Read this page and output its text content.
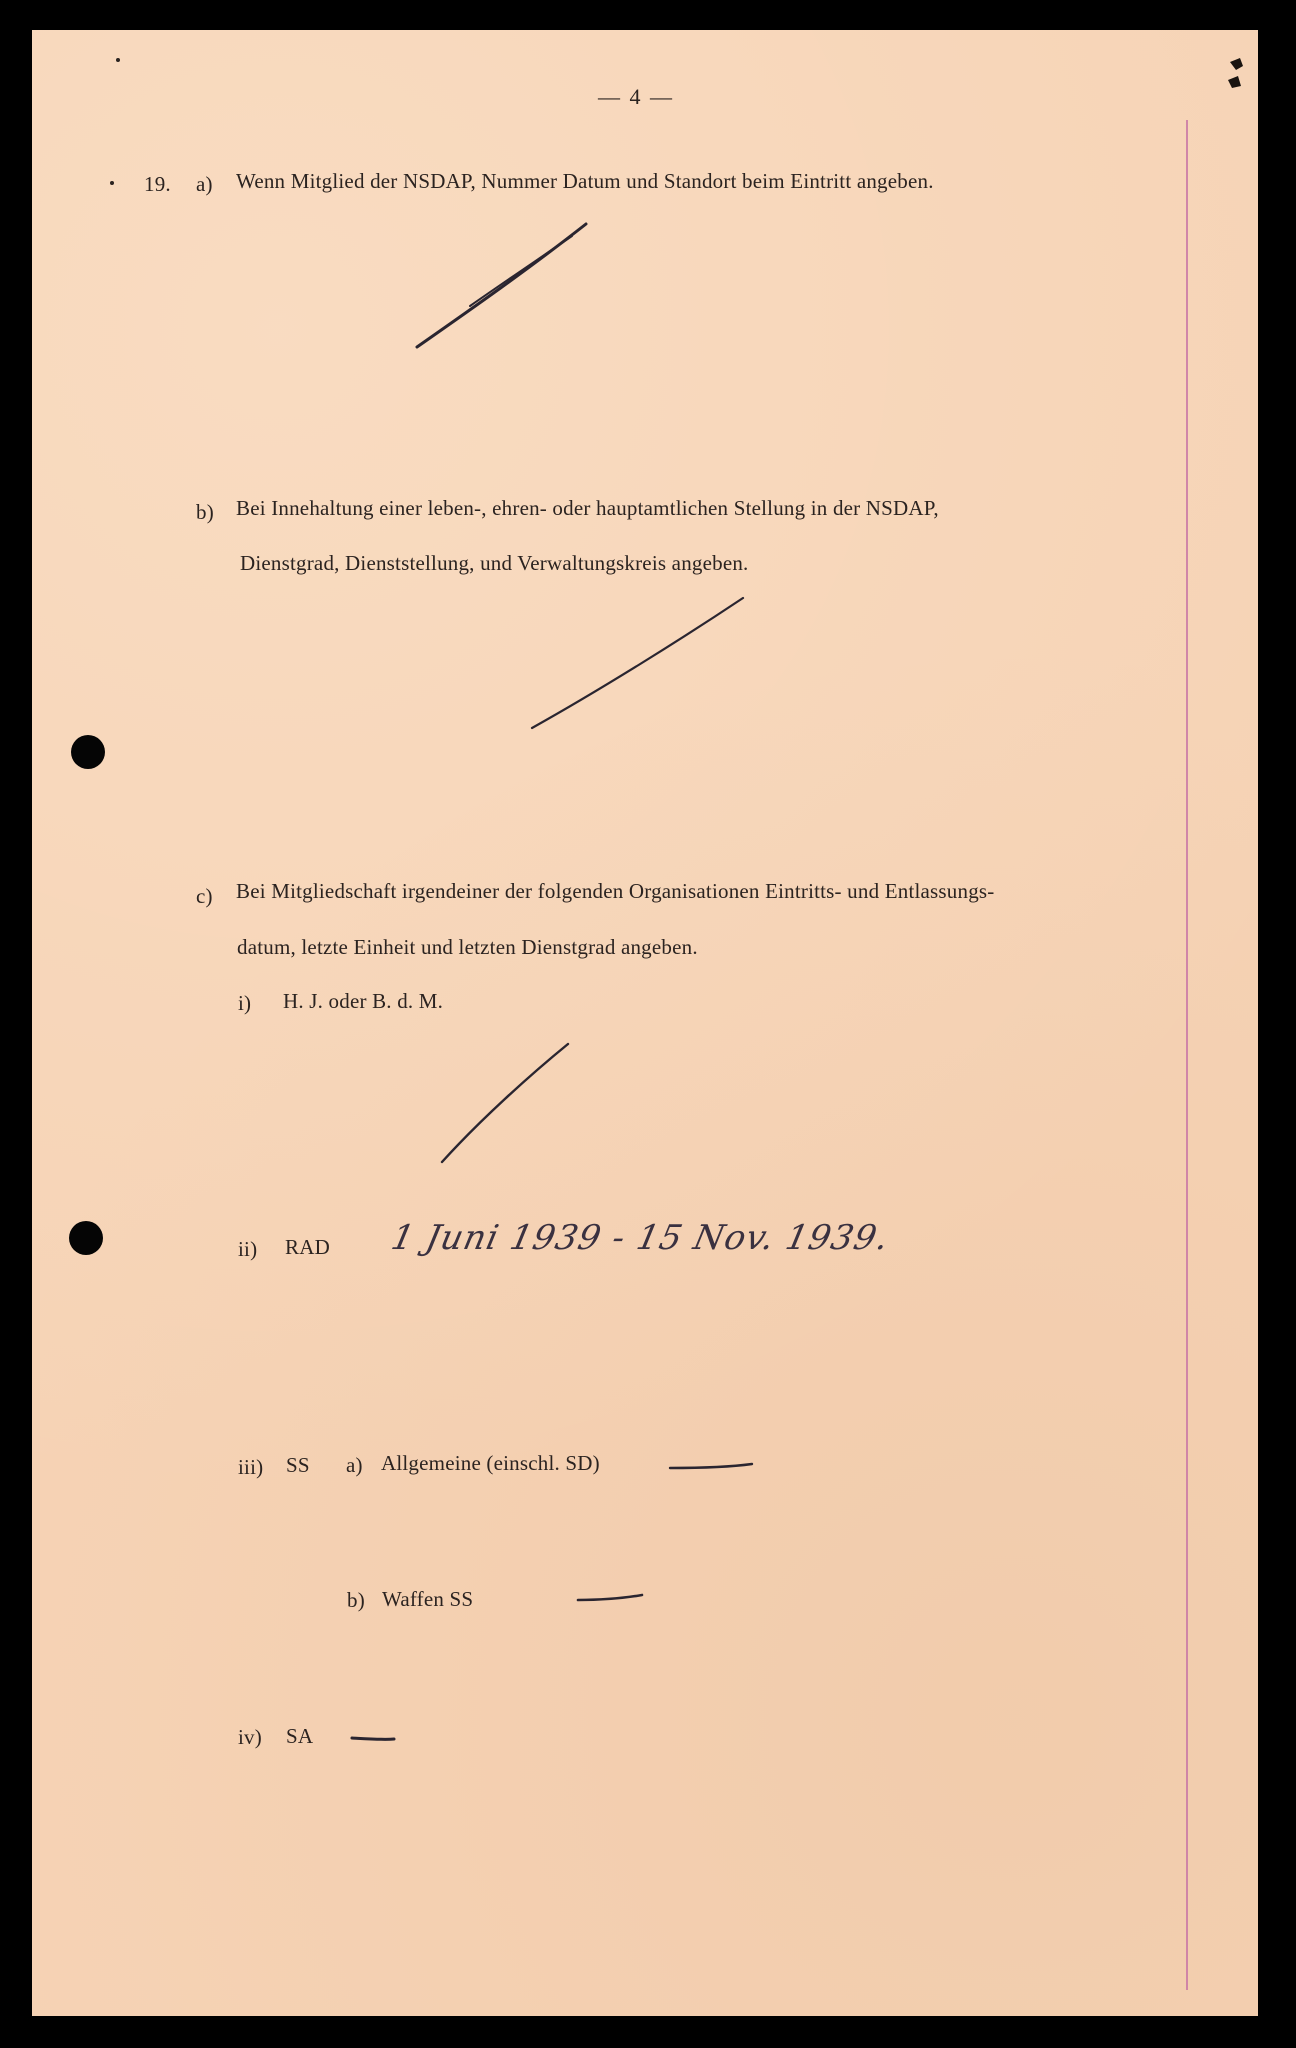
— 4 —
19. a) Wenn Mitglied der NSDAP, Nummer Datum und Standort beim Eintritt angeben.
b) Bei Innehaltung einer leben-, ehren- oder hauptamtlichen Stellung in der NSDAP,
Dienstgrad, Dienststellung, und Verwaltungskreis angeben.
c) Bei Mitgliedschaft irgendeiner der folgenden Organisationen Eintritts- und Entlassungs-
datum, letzte Einheit und letzten Dienstgrad angeben.
i) H. J. oder B. d. M.
ii) RAD 1 Juni 1939 - 15 Nov. 1939.
iii) SS a) Allgemeine (einschl. SD)
b) Waffen SS
iv) SA
